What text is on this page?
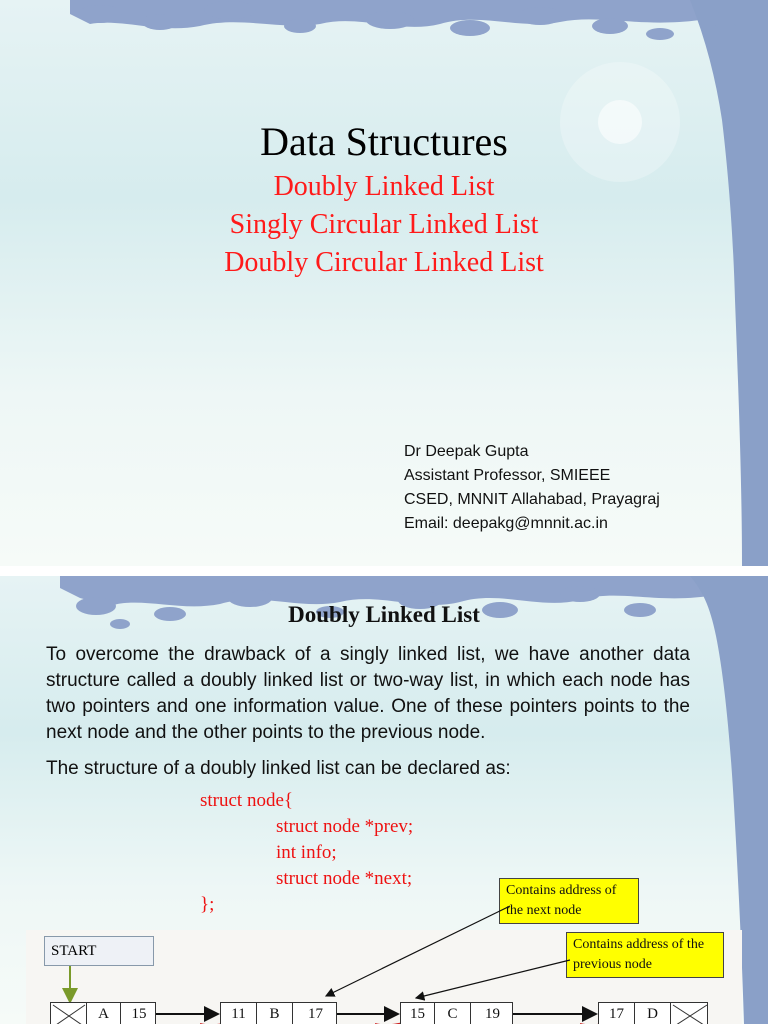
Data Structures
Doubly Linked List
Singly Circular Linked List
Doubly Circular Linked List
Dr Deepak Gupta
Assistant Professor, SMIEEE
CSED, MNNIT Allahabad, Prayagraj
Email: deepakg@mnnit.ac.in
Doubly Linked List
To overcome the drawback of a singly linked list, we have another data structure called a doubly linked list or two-way list, in which each node has two pointers and one information value. One of these pointers points to the next node and the other points to the previous node.
The structure of a doubly linked list can be declared as:
struct node{
struct node *prev;
int info;
struct node *next;
};
Contains address of the next node
Contains address of the previous node
START
A	15	11	B	17	15	C	19	17	D
